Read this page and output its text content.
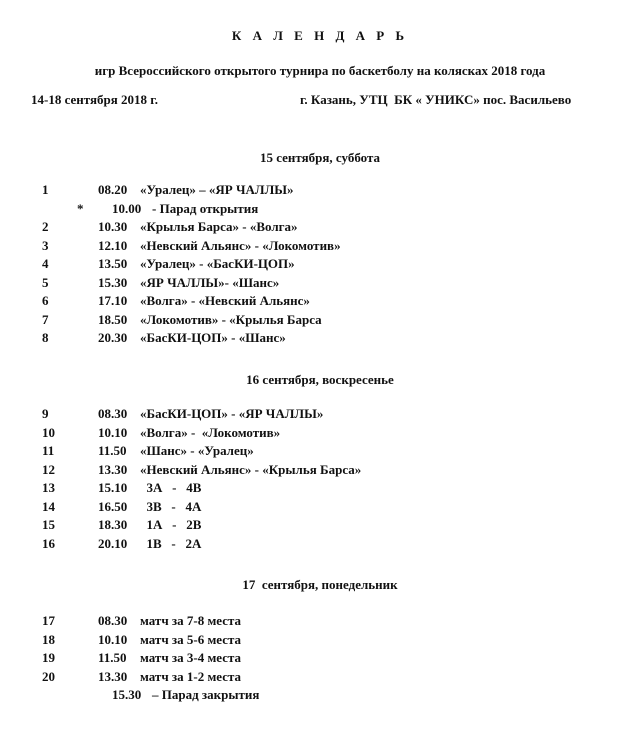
К А Л Е Н Д А Р Ь
игр Всероссийского открытого турнира по баскетболу на колясках 2018 года
14-18 сентября 2018 г.	г. Казань, УТЦ  БК « УНИКС» пос. Васильево
15 сентября, суббота
1	08.20 «Уралец» – «ЯР ЧАЛЛЫ»
*	10.00 - Парад открытия
2	10.30 «Крылья Барса» - «Волга»
3	12.10 «Невский Альянс» - «Локомотив»
4	13.50 «Уралец» - «БасКИ-ЦОП»
5	15.30 «ЯР ЧАЛЛЫ»- «Шанс»
6	17.10 «Волга» - «Невский Альянс»
7	18.50 «Локомотив» - «Крылья Барса
8	20.30 «БасКИ-ЦОП» - «Шанс»
16 сентября, воскресенье
9	08.30 «БасКИ-ЦОП» - «ЯР ЧАЛЛЫ»
10	10.10 «Волга» -  «Локомотив»
11	11.50 «Шанс» - «Уралец»
12	13.30 «Невский Альянс» - «Крылья Барса»
13	15.10 3А   -   4В
14	16.50 3В   -   4А
15	18.30 1А   -   2В
16	20.10 1В   -   2А
17  сентября, понедельник
17	08.30 матч за 7-8 места
18	10.10 матч за 5-6 места
19	11.50 матч за 3-4 места
20	13.30 матч за 1-2 места
15.30 – Парад закрытия
